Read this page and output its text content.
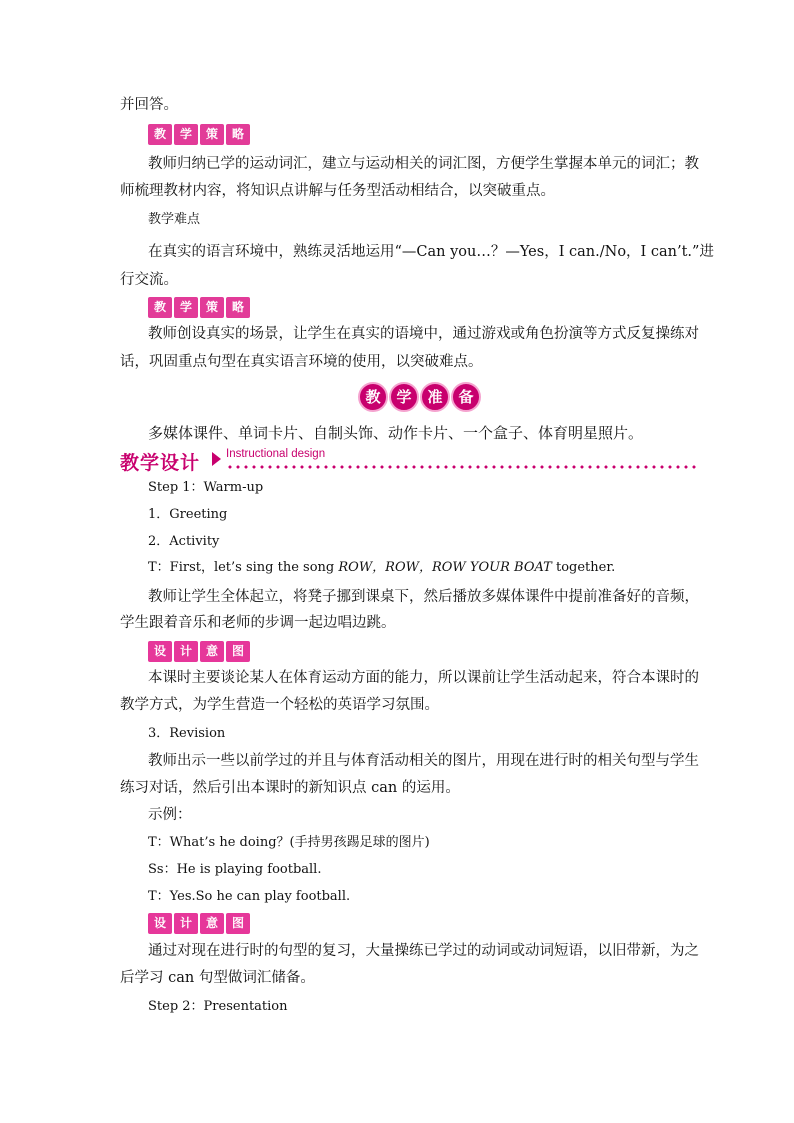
并回答。
教	学	策	略
教师归纳已学的运动词汇，建立与运动相关的词汇图，方便学生掌握本单元的词汇；教
师梳理教材内容，将知识点讲解与任务型活动相结合，以突破重点。
教学难点
在真实的语言环境中，熟练灵活地运用“—Can you…？—Yes，I can./No，I can’t.”进
行交流。
教	学	策	略
教师创设真实的场景，让学生在真实的语境中，通过游戏或角色扮演等方式反复操练对
话，巩固重点句型在真实语言环境的使用，以突破难点。
教	学	准	备
多媒体课件、单词卡片、自制头饰、动作卡片、一个盒子、体育明星照片。
教学设计 Instructional design
Step 1：Warm-up
1．Greeting
2．Activity
T：First，let’s sing the song ROW，ROW，ROW YOUR BOAT together.
教师让学生全体起立，将凳子挪到课桌下，然后播放多媒体课件中提前准备好的音频，
学生跟着音乐和老师的步调一起边唱边跳。
设	计	意	图
本课时主要谈论某人在体育运动方面的能力，所以课前让学生活动起来，符合本课时的
教学方式，为学生营造一个轻松的英语学习氛围。
3．Revision
教师出示一些以前学过的并且与体育活动相关的图片，用现在进行时的相关句型与学生
练习对话，然后引出本课时的新知识点 can 的运用。
示例：
T：What’s he doing？(手持男孩踢足球的图片)
Ss：He is playing football.
T：Yes.So he can play football.
设	计	意	图
通过对现在进行时的句型的复习，大量操练已学过的动词或动词短语，以旧带新，为之
后学习 can 句型做词汇储备。
Step 2：Presentation
